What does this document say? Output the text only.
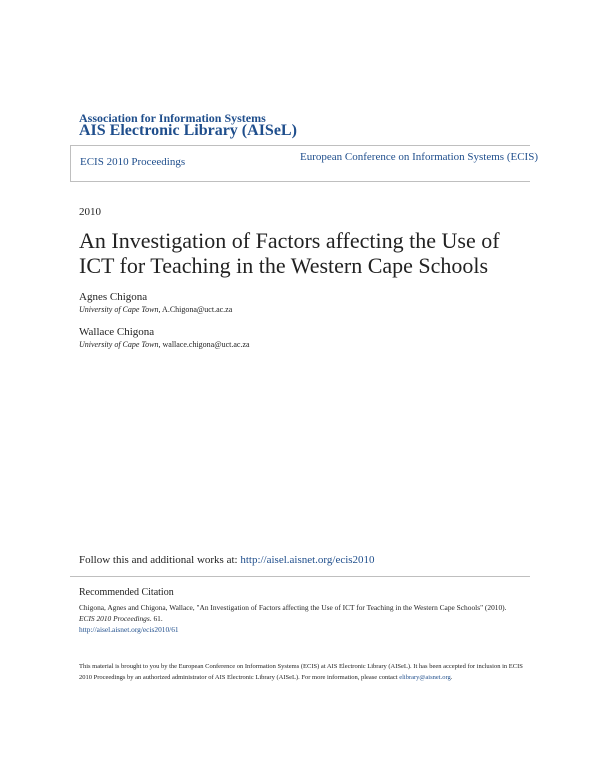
Association for Information Systems
AIS Electronic Library (AISeL)
ECIS 2010 Proceedings	European Conference on Information Systems (ECIS)
2010
An Investigation of Factors affecting the Use of ICT for Teaching in the Western Cape Schools
Agnes Chigona
University of Cape Town, A.Chigona@uct.ac.za
Wallace Chigona
University of Cape Town, wallace.chigona@uct.ac.za
Follow this and additional works at: http://aisel.aisnet.org/ecis2010
Recommended Citation
Chigona, Agnes and Chigona, Wallace, "An Investigation of Factors affecting the Use of ICT for Teaching in the Western Cape Schools" (2010). ECIS 2010 Proceedings. 61.
http://aisel.aisnet.org/ecis2010/61
This material is brought to you by the European Conference on Information Systems (ECIS) at AIS Electronic Library (AISeL). It has been accepted for inclusion in ECIS 2010 Proceedings by an authorized administrator of AIS Electronic Library (AISeL). For more information, please contact elibrary@aisnet.org.
